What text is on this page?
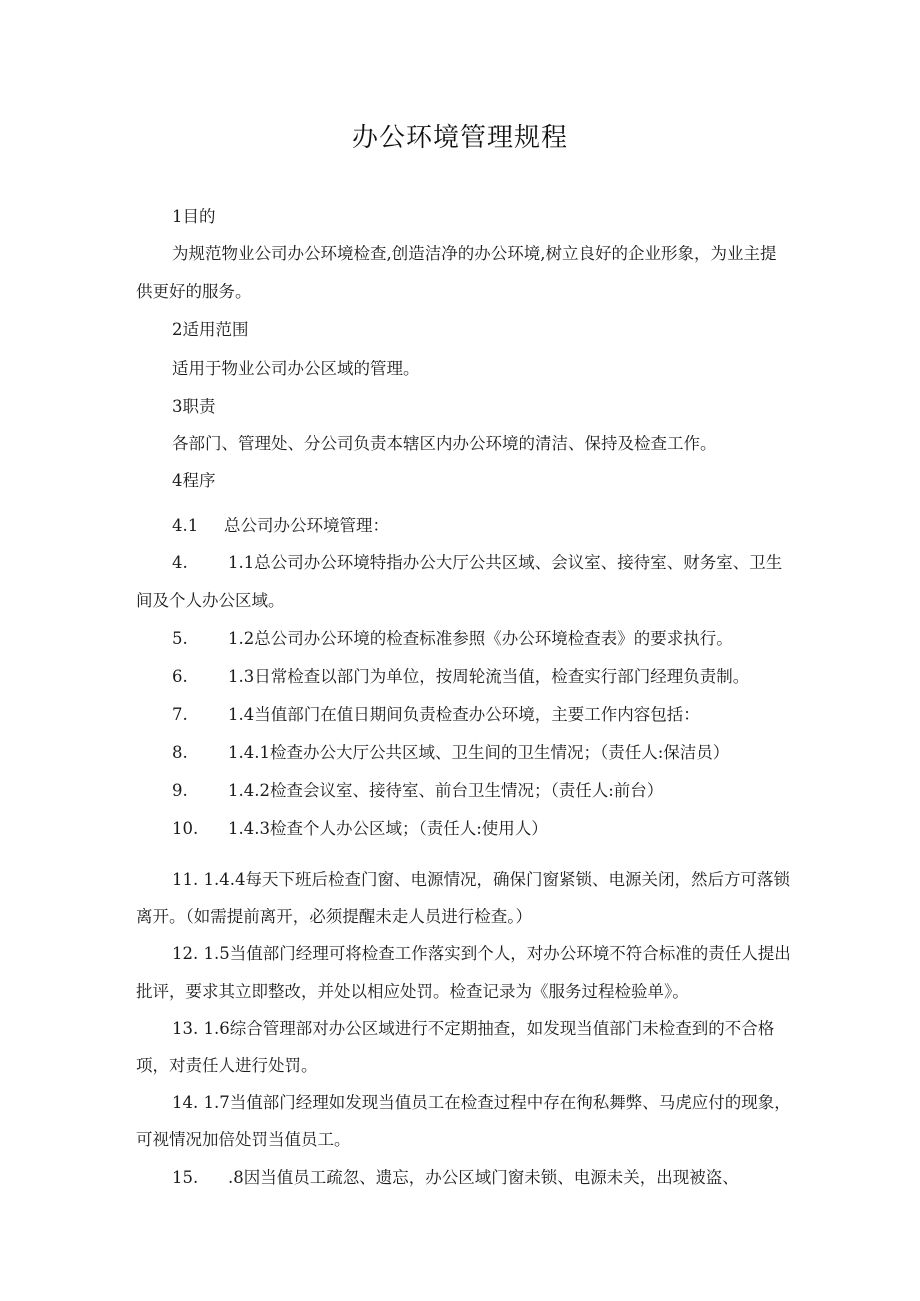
办公环境管理规程
1目的
为规范物业公司办公环境检查,创造洁净的办公环境,树立良好的企业形象，为业主提
供更好的服务。
2适用范围
适用于物业公司办公区域的管理。
3职责
各部门、管理处、分公司负责本辖区内办公环境的清洁、保持及检查工作。
4程序
4.1 总公司办公环境管理：
4. 1.1总公司办公环境特指办公大厅公共区域、会议室、接待室、财务室、卫生
间及个人办公区域。
5. 1.2总公司办公环境的检查标准参照《办公环境检查表》的要求执行。
6. 1.3日常检查以部门为单位，按周轮流当值，检查实行部门经理负责制。
7. 1.4当值部门在值日期间负责检查办公环境，主要工作内容包括：
8. 1.4.1检查办公大厅公共区域、卫生间的卫生情况；（责任人:保洁员）
9. 1.4.2检查会议室、接待室、前台卫生情况；（责任人:前台）
10. 1.4.3检查个人办公区域；（责任人:使用人）
11. 1.4.4每天下班后检查门窗、电源情况，确保门窗紧锁、电源关闭，然后方可落锁
离开。（如需提前离开，必须提醒未走人员进行检查。）
12. 1.5当值部门经理可将检查工作落实到个人，对办公环境不符合标准的责任人提出
批评，要求其立即整改，并处以相应处罚。检查记录为《服务过程检验单》。
13. 1.6综合管理部对办公区域进行不定期抽查，如发现当值部门未检查到的不合格
项，对责任人进行处罚。
14. 1.7当值部门经理如发现当值员工在检查过程中存在徇私舞弊、马虎应付的现象，
可视情况加倍处罚当值员工。
15. .8因当值员工疏忽、遗忘，办公区域门窗未锁、电源未关，出现被盗、
